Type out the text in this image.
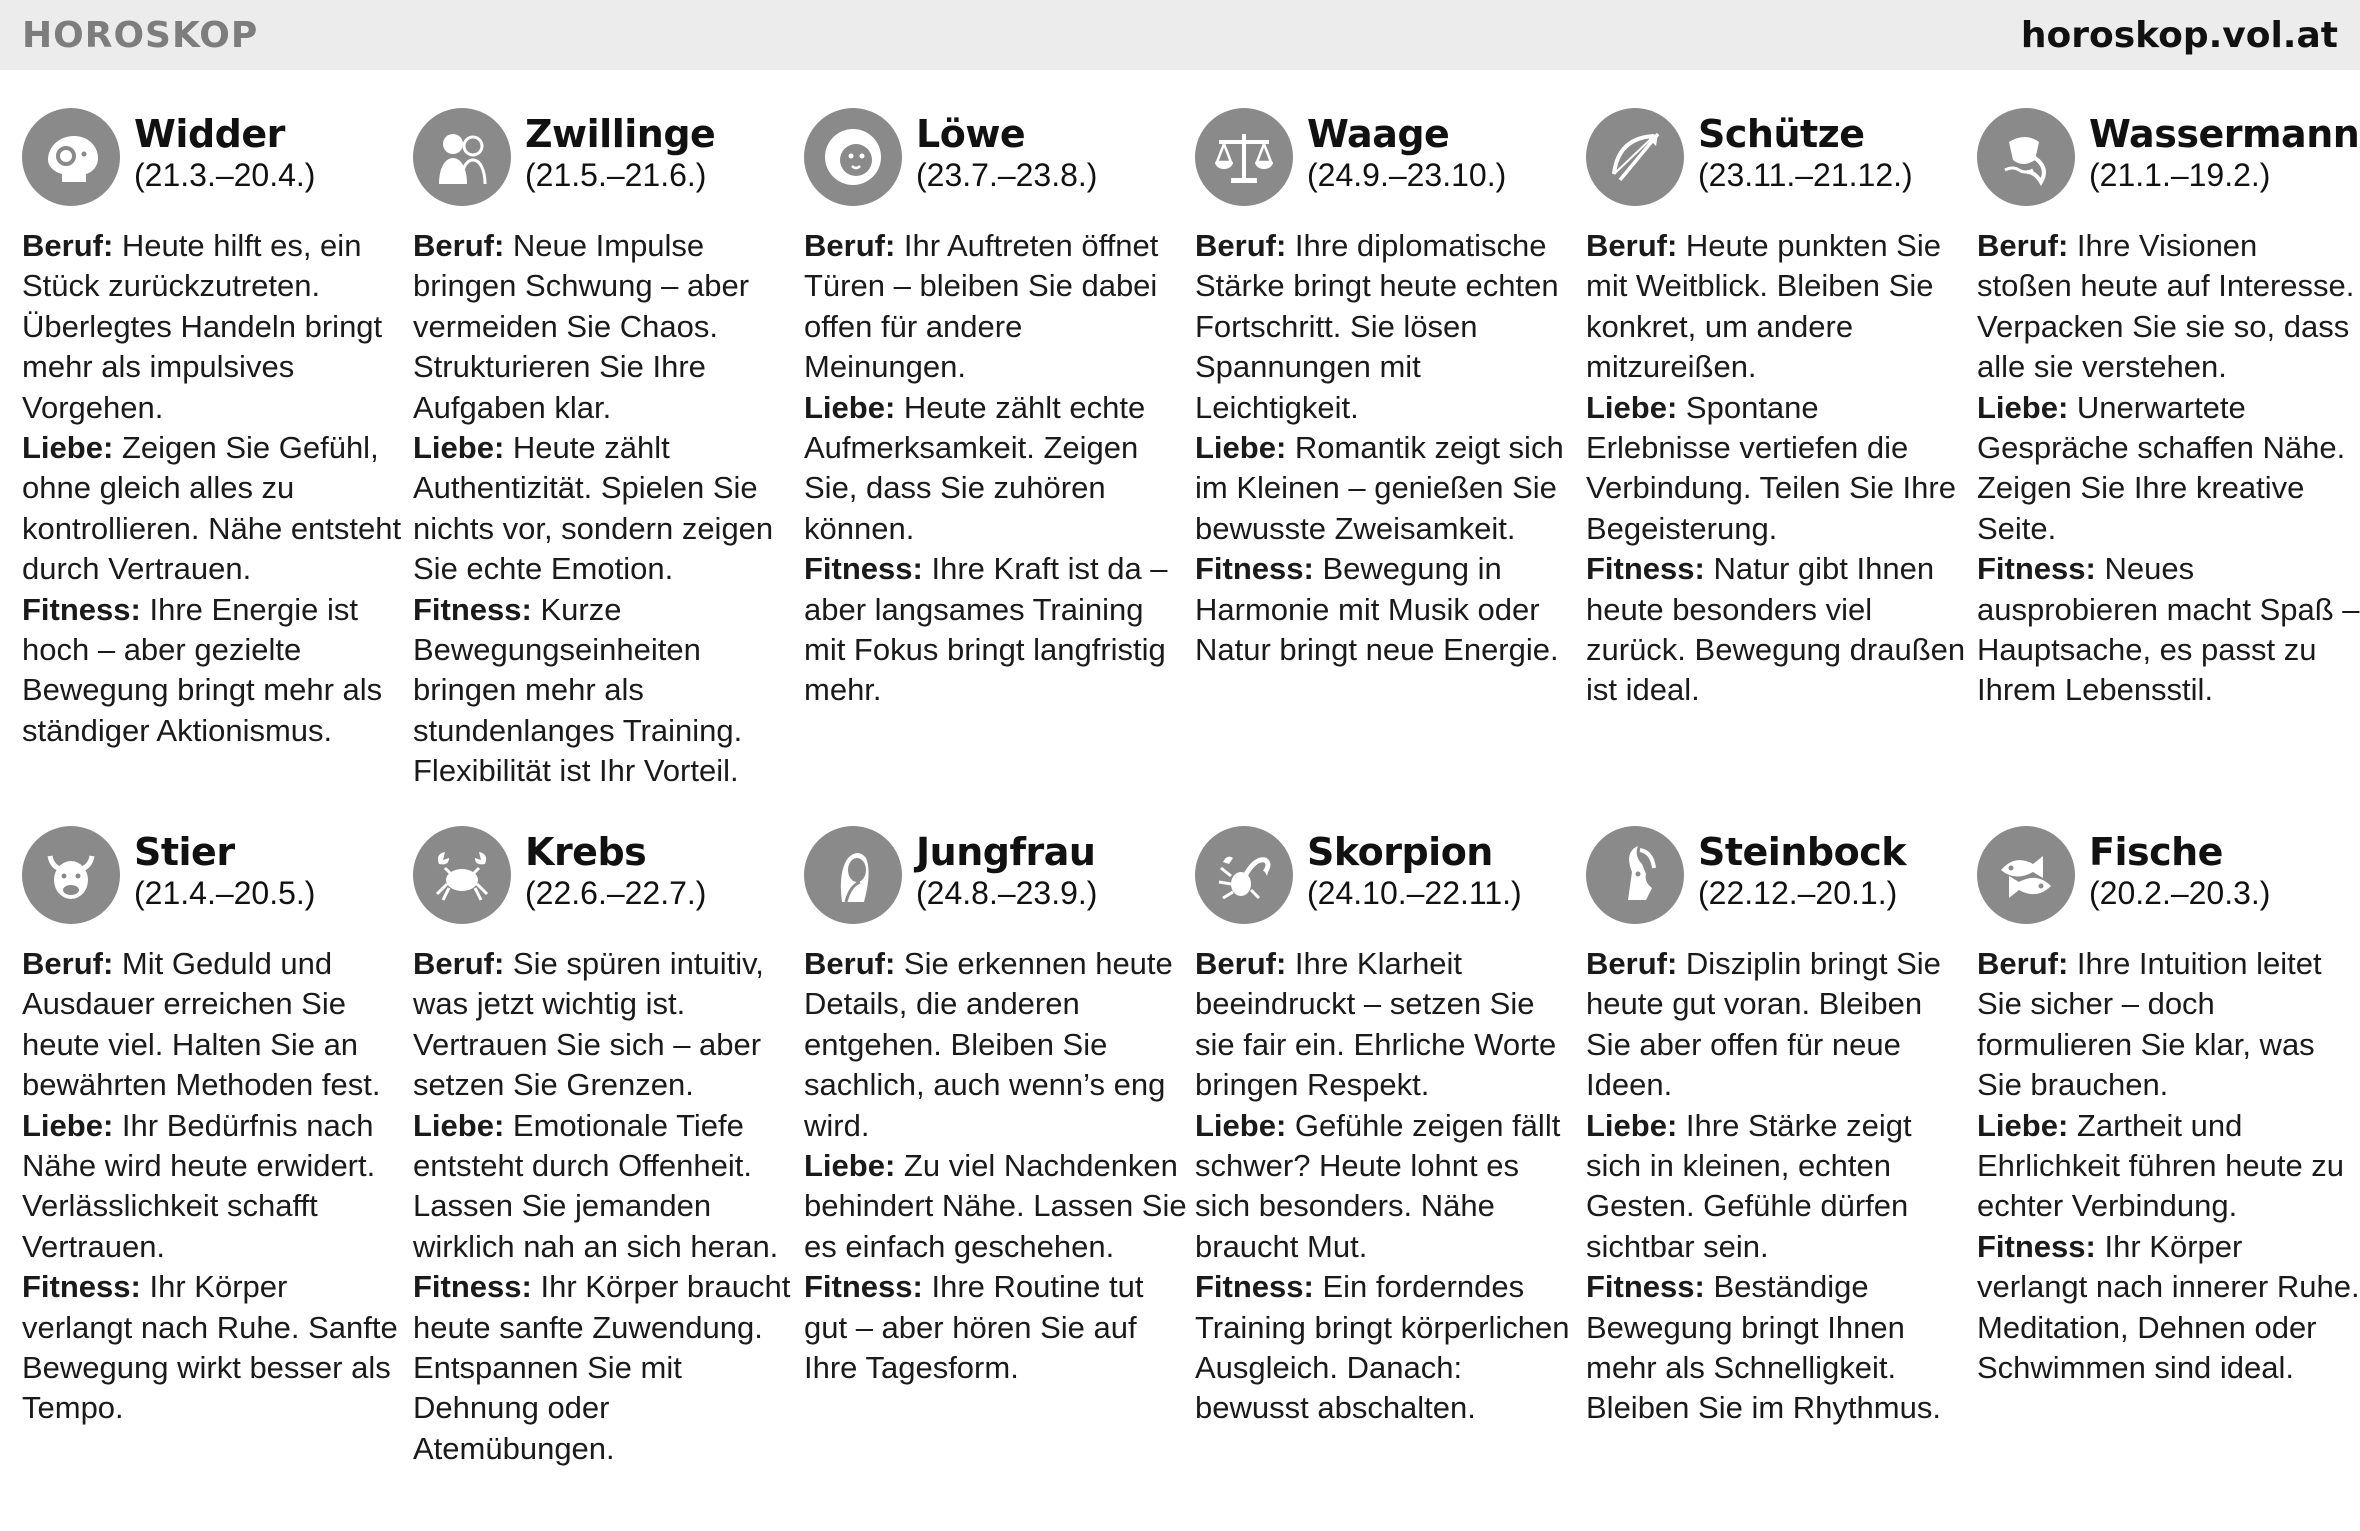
HOROSKOP	horoskop.vol.at
Widder
(21.3.–20.4.)

Beruf: Heute hilft es, ein Stück zurückzutreten. Überlegtes Handeln bringt mehr als impulsives Vorgehen.

Liebe: Zeigen Sie Gefühl, ohne gleich alles zu kontrollieren. Nähe entsteht durch Vertrauen.

Fitness: Ihre Energie ist hoch – aber gezielte Bewegung bringt mehr als ständiger Aktionismus.

Zwillinge
(21.5.–21.6.)

Beruf: Neue Impulse bringen Schwung – aber vermeiden Sie Chaos. Strukturieren Sie Ihre Aufgaben klar.

Liebe: Heute zählt Authentizität. Spielen Sie nichts vor, sondern zeigen Sie echte Emotion.

Fitness: Kurze Bewegungseinheiten bringen mehr als stundenlanges Training. Flexibilität ist Ihr Vorteil.

Löwe
(23.7.–23.8.)

Beruf: Ihr Auftreten öffnet Türen – bleiben Sie dabei offen für andere Meinungen.

Liebe: Heute zählt echte Aufmerksamkeit. Zeigen Sie, dass Sie zuhören können.

Fitness: Ihre Kraft ist da – aber langsames Training mit Fokus bringt langfristig mehr.

Waage
(24.9.–23.10.)

Beruf: Ihre diplomatische Stärke bringt heute echten Fortschritt. Sie lösen Spannungen mit Leichtigkeit.

Liebe: Romantik zeigt sich im Kleinen – genießen Sie bewusste Zweisamkeit.

Fitness: Bewegung in Harmonie mit Musik oder Natur bringt neue Energie.

Schütze
(23.11.–21.12.)

Beruf: Heute punkten Sie mit Weitblick. Bleiben Sie konkret, um andere mitzureißen.

Liebe: Spontane Erlebnisse vertiefen die Verbindung. Teilen Sie Ihre Begeisterung.

Fitness: Natur gibt Ihnen heute besonders viel zurück. Bewegung draußen ist ideal.

Wassermann
(21.1.–19.2.)

Beruf: Ihre Visionen stoßen heute auf Interesse. Verpacken Sie sie so, dass alle sie verstehen.

Liebe: Unerwartete Gespräche schaffen Nähe. Zeigen Sie Ihre kreative Seite.

Fitness: Neues ausprobieren macht Spaß – Hauptsache, es passt zu Ihrem Lebensstil.

Stier
(21.4.–20.5.)

Beruf: Mit Geduld und Ausdauer erreichen Sie heute viel. Halten Sie an bewährten Methoden fest.

Liebe: Ihr Bedürfnis nach Nähe wird heute erwidert. Verlässlichkeit schafft Vertrauen.

Fitness: Ihr Körper verlangt nach Ruhe. Sanfte Bewegung wirkt besser als Tempo.

Krebs
(22.6.–22.7.)

Beruf: Sie spüren intuitiv, was jetzt wichtig ist. Vertrauen Sie sich – aber setzen Sie Grenzen.

Liebe: Emotionale Tiefe entsteht durch Offenheit. Lassen Sie jemanden wirklich nah an sich heran.

Fitness: Ihr Körper braucht heute sanfte Zuwendung. Entspannen Sie mit Dehnung oder Atemübungen.

Jungfrau
(24.8.–23.9.)

Beruf: Sie erkennen heute Details, die anderen entgehen. Bleiben Sie sachlich, auch wenn’s eng wird.

Liebe: Zu viel Nachdenken behindert Nähe. Lassen Sie es einfach geschehen.

Fitness: Ihre Routine tut gut – aber hören Sie auf Ihre Tagesform.

Skorpion
(24.10.–22.11.)

Beruf: Ihre Klarheit beeindruckt – setzen Sie sie fair ein. Ehrliche Worte bringen Respekt.

Liebe: Gefühle zeigen fällt schwer? Heute lohnt es sich besonders. Nähe braucht Mut.

Fitness: Ein forderndes Training bringt körperlichen Ausgleich. Danach: bewusst abschalten.

Steinbock
(22.12.–20.1.)

Beruf: Disziplin bringt Sie heute gut voran. Bleiben Sie aber offen für neue Ideen.

Liebe: Ihre Stärke zeigt sich in kleinen, echten Gesten. Gefühle dürfen sichtbar sein.

Fitness: Beständige Bewegung bringt Ihnen mehr als Schnelligkeit. Bleiben Sie im Rhythmus.

Fische
(20.2.–20.3.)

Beruf: Ihre Intuition leitet Sie sicher – doch formulieren Sie klar, was Sie brauchen.

Liebe: Zartheit und Ehrlichkeit führen heute zu echter Verbindung.

Fitness: Ihr Körper verlangt nach innerer Ruhe. Meditation, Dehnen oder Schwimmen sind ideal.
